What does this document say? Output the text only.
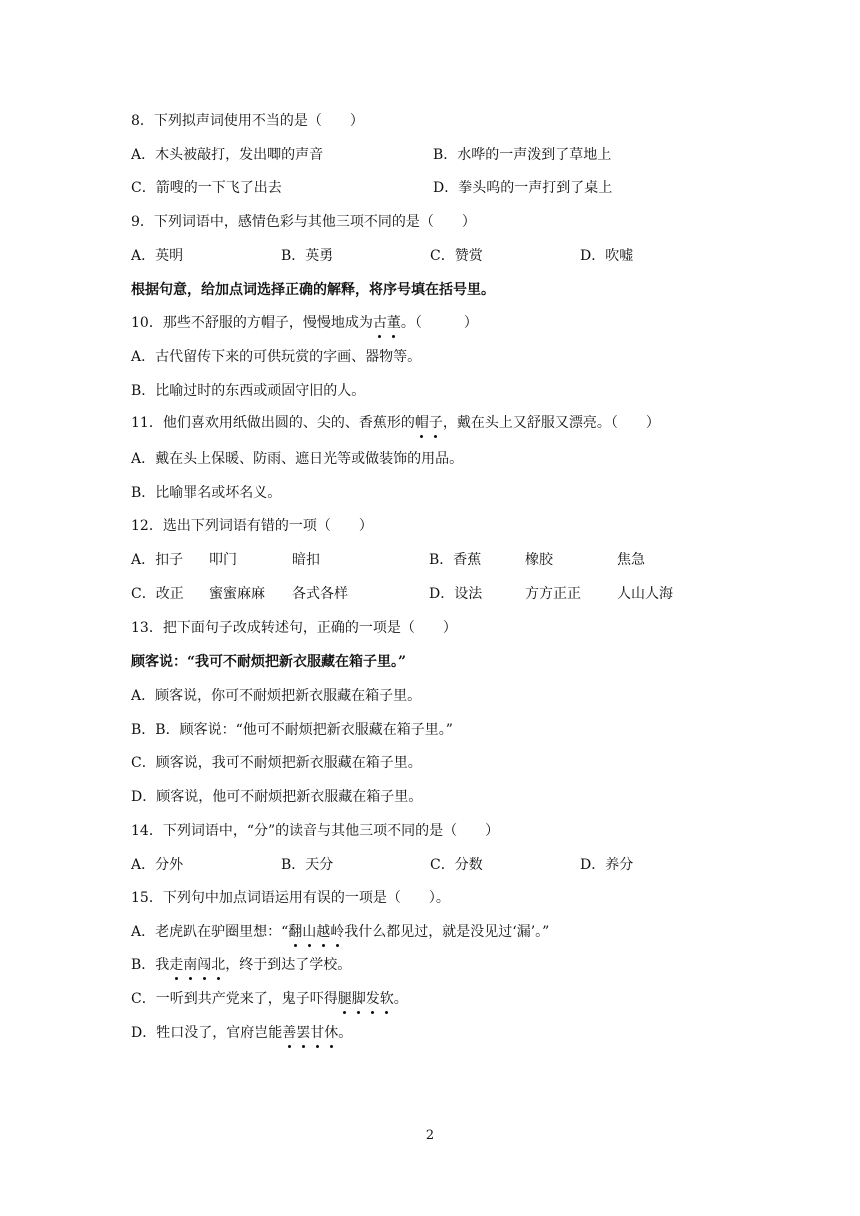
8．下列拟声词使用不当的是（　　）
A．木头被敲打，发出唧的声音	B．水哗的一声泼到了草地上
C．箭嗖的一下飞了出去	D．拳头呜的一声打到了桌上
9．下列词语中，感情色彩与其他三项不同的是（　　）
A．英明	B．英勇	C．赞赏	D．吹嘘
根据句意，给加点词选择正确的解释，将序号填在括号里。
10．那些不舒服的方帽子，慢慢地成为古董。（　　　）
A．古代留传下来的可供玩赏的字画、器物等。
B．比喻过时的东西或顽固守旧的人。
11．他们喜欢用纸做出圆的、尖的、香蕉形的帽子，戴在头上又舒服又漂亮。（　　）
A．戴在头上保暖、防雨、遮日光等或做装饰的用品。
B．比喻罪名或坏名义。
12．选出下列词语有错的一项（　　）
A．扣子 叩门	暗扣	B．香蕉	橡胶	焦急
C．改正 蜜蜜麻麻 各式各样	D．设法	方方正正	人山人海
13．把下面句子改成转述句，正确的一项是（　　）
顾客说：“我可不耐烦把新衣服藏在箱子里。”
A．顾客说，你可不耐烦把新衣服藏在箱子里。
B．B．顾客说：“他可不耐烦把新衣服藏在箱子里。”
C．顾客说，我可不耐烦把新衣服藏在箱子里。
D．顾客说，他可不耐烦把新衣服藏在箱子里。
14．下列词语中，“分”的读音与其他三项不同的是（　　）
A．分外	B．天分	C．分数	D．养分
15．下列句中加点词语运用有误的一项是（　　）。
A．老虎趴在驴圈里想：“翻山越岭我什么都见过，就是没见过‘漏’。”
B．我走南闯北，终于到达了学校。
C．一听到共产党来了，鬼子吓得腿脚发软。
D．牲口没了，官府岂能善罢甘休。
2
